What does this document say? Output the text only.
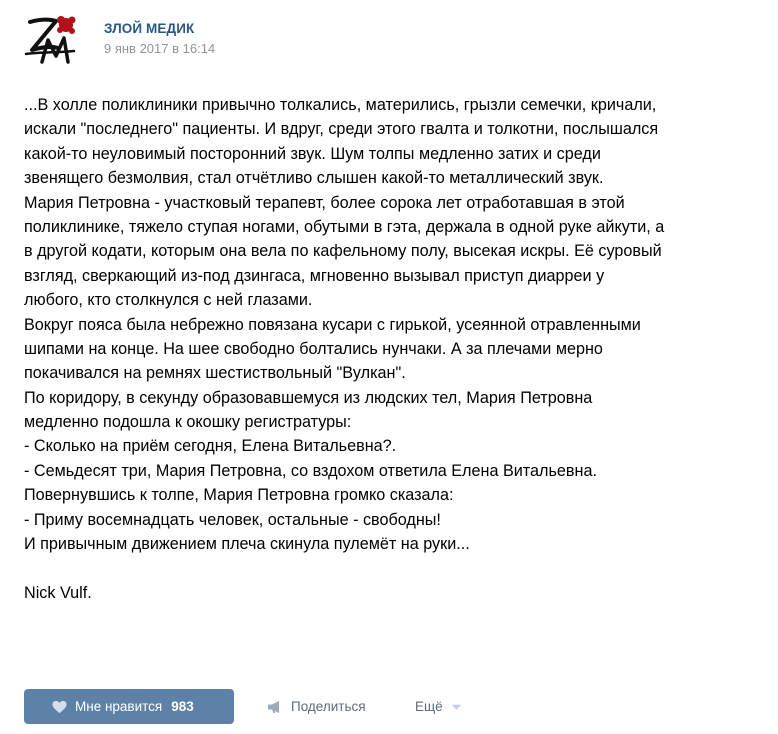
ЗЛОЙ МЕДИК
9 янв 2017 в 16:14
...В холле поликлиники привычно толкались, матерились, грызли семечки, кричали,
искали "последнего" пациенты. И вдруг, среди этого гвалта и толкотни, послышался
какой-то неуловимый посторонний звук. Шум толпы медленно затих и среди
звенящего безмолвия, стал отчётливо слышен какой-то металлический звук.
Мария Петровна - участковый терапевт, более сорока лет отработавшая в этой
поликлинике, тяжело ступая ногами, обутыми в гэта, держала в одной руке айкути, а
в другой кодати, которым она вела по кафельному полу, высекая искры. Её суровый
взгляд, сверкающий из-под дзингаса, мгновенно вызывал приступ диарреи у
любого, кто столкнулся с ней глазами.
Вокруг пояса была небрежно повязана кусари с гирькой, усеянной отравленными
шипами на конце. На шее свободно болтались нунчаки. А за плечами мерно
покачивался на ремнях шестиствольный "Вулкан".
По коридору, в секунду образовавшемуся из людских тел, Мария Петровна
медленно подошла к окошку регистратуры:
- Сколько на приём сегодня, Елена Витальевна?.
- Семьдесят три, Мария Петровна, со вздохом ответила Елена Витальевна.
Повернувшись к толпе, Мария Петровна громко сказала:
- Приму восемнадцать человек, остальные - свободны!
И привычным движением плеча скинула пулемёт на руки...
Nick Vulf.
Мне нравится 983	Поделиться	Ещё
